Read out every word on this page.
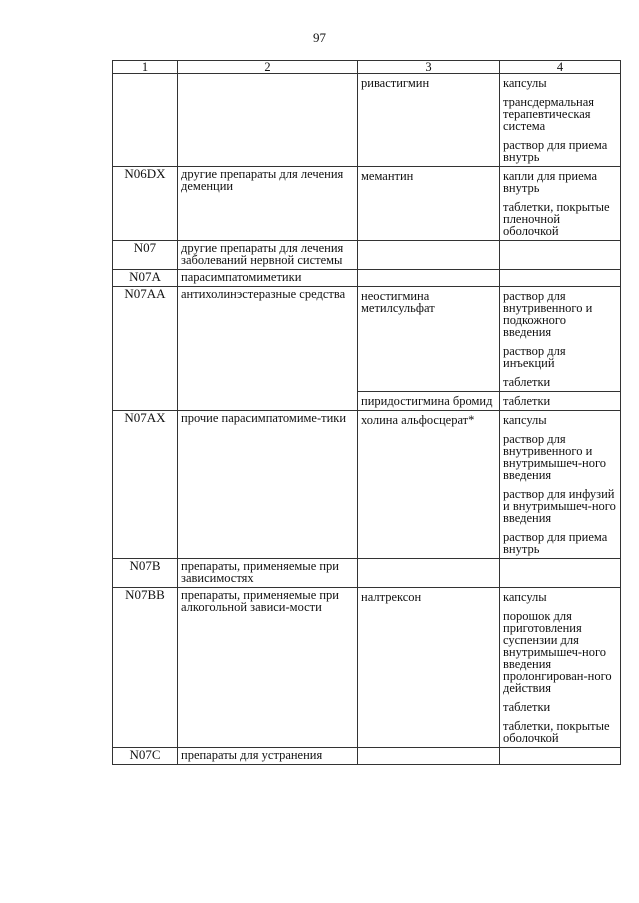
97
1	2	3	4

		ривастигмин	капсулы
трансдермальная терапевтическая система
раствор для приема внутрь

N06DX	другие препараты для лечения деменции	мемантин	капли для приема внутрь
таблетки, покрытые пленочной оболочкой

N07	другие препараты для лечения заболеваний нервной системы		
N07A	парасимпатомиметики		
N07AA	антихолинэстеразные средства	неостигмина метилсульфат	раствор для внутривенного и подкожного введения
раствор для инъекций
таблетки

		пиридостигмина бромид	таблетки

N07AX	прочие парасимпатомиме-тики	холина альфосцерат*	капсулы
раствор для внутривенного и внутримышеч-ного введения
раствор для инфузий и внутримышеч-ного введения
раствор для приема внутрь

N07B	препараты, применяемые при зависимостях		
N07BB	препараты, применяемые при алкогольной зависи-мости	налтрексон	капсулы
порошок для приготовления суспензии для внутримышеч-ного введения пролонгирован-ного действия
таблетки
таблетки, покрытые оболочкой

N07C	препараты для устранения		
